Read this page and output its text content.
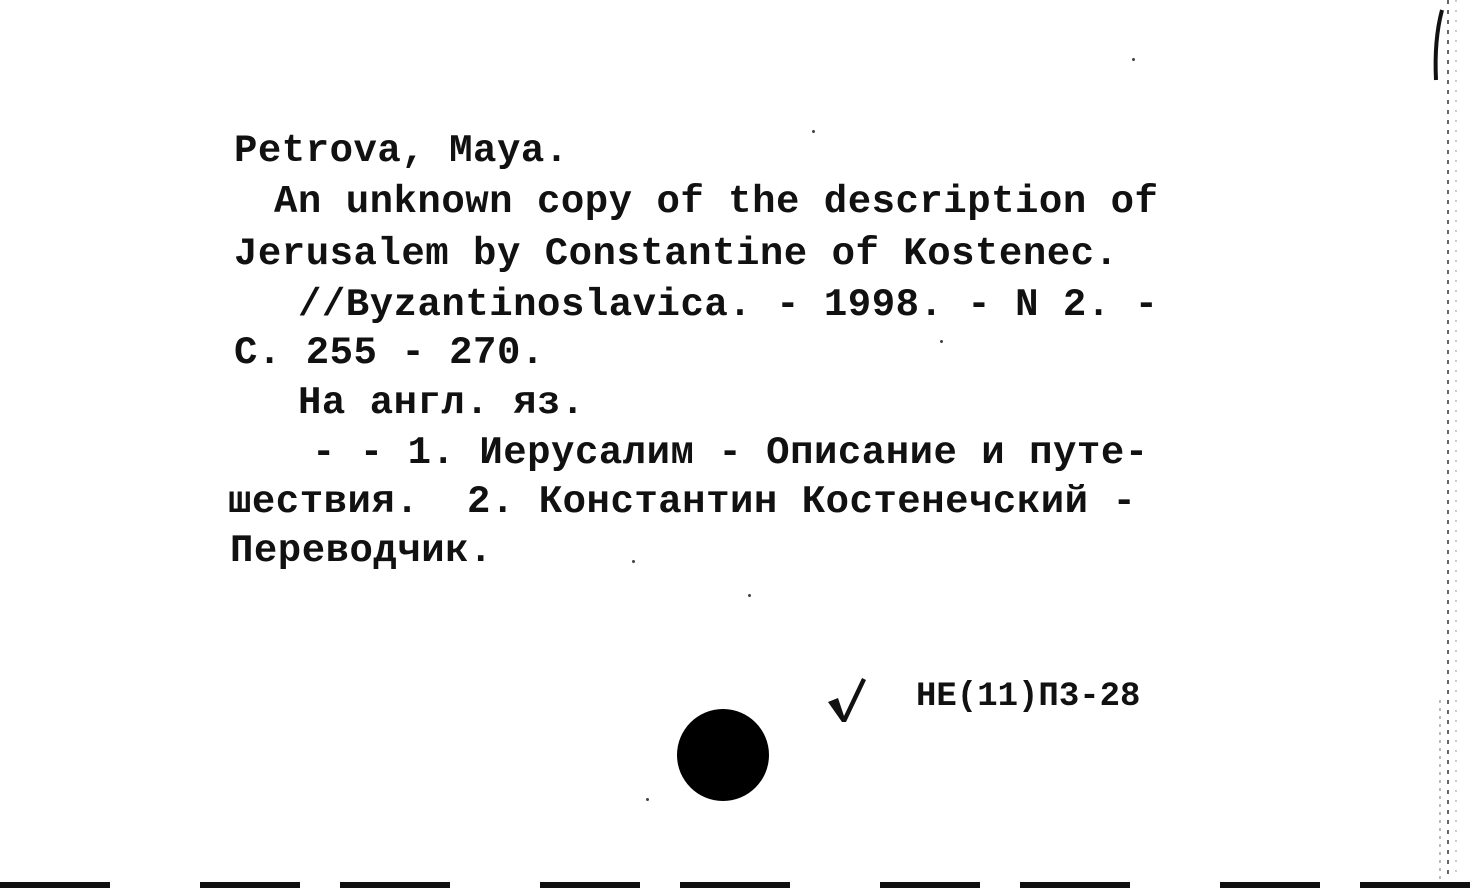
Petrova, Maya.
An unknown copy of the description of
Jerusalem by Constantine of Kostenec.
//Byzantinoslavica. - 1998. - N 2. -
C. 255 - 270.
На англ. яз.
- - 1. Иерусалим - Описание и путе-
шествия.  2. Константин Костенечский -
Переводчик.
НЕ(11)П3-28
